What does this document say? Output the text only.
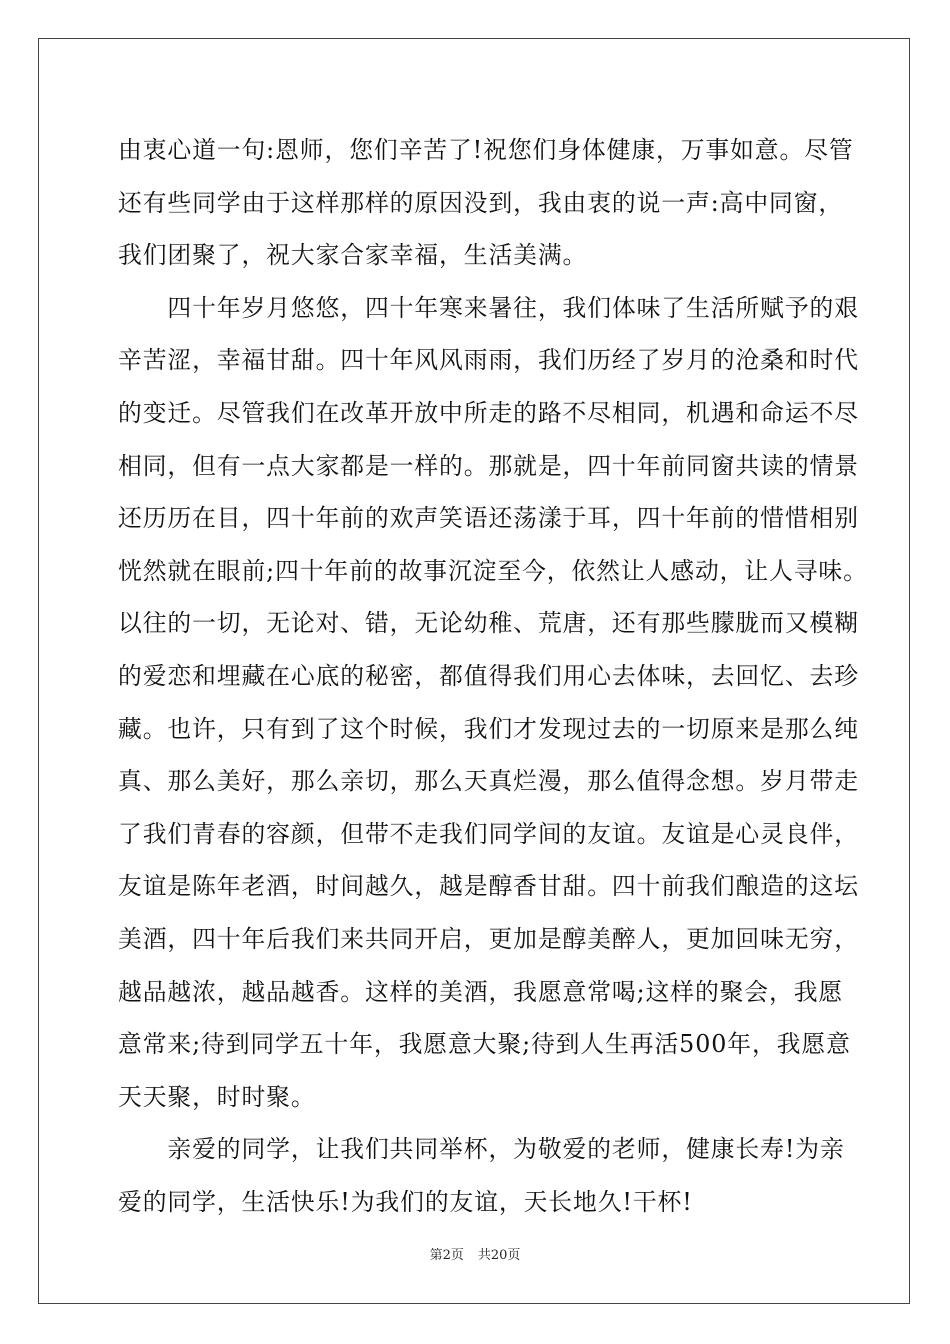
由衷心道一句:恩师，您们辛苦了!祝您们身体健康，万事如意。尽管
还有些同学由于这样那样的原因没到，我由衷的说一声:高中同窗，
我们团聚了，祝大家合家幸福，生活美满。
　　四十年岁月悠悠，四十年寒来暑往，我们体味了生活所赋予的艰
辛苦涩，幸福甘甜。四十年风风雨雨，我们历经了岁月的沧桑和时代
的变迁。尽管我们在改革开放中所走的路不尽相同，机遇和命运不尽
相同，但有一点大家都是一样的。那就是，四十年前同窗共读的情景
还历历在目，四十年前的欢声笑语还荡漾于耳，四十年前的惜惜相别
恍然就在眼前;四十年前的故事沉淀至今，依然让人感动，让人寻味。
以往的一切，无论对、错，无论幼稚、荒唐，还有那些朦胧而又模糊
的爱恋和埋藏在心底的秘密，都值得我们用心去体味，去回忆、去珍
藏。也许，只有到了这个时候，我们才发现过去的一切原来是那么纯
真、那么美好，那么亲切，那么天真烂漫，那么值得念想。岁月带走
了我们青春的容颜，但带不走我们同学间的友谊。友谊是心灵良伴，
友谊是陈年老酒，时间越久，越是醇香甘甜。四十前我们酿造的这坛
美酒，四十年后我们来共同开启，更加是醇美醉人，更加回味无穷，
越品越浓，越品越香。这样的美酒，我愿意常喝;这样的聚会，我愿
意常来;待到同学五十年，我愿意大聚;待到人生再活500年，我愿意
天天聚，时时聚。
　　亲爱的同学，让我们共同举杯，为敬爱的老师，健康长寿!为亲
爱的同学，生活快乐!为我们的友谊，天长地久!干杯!
第2页 共20页
